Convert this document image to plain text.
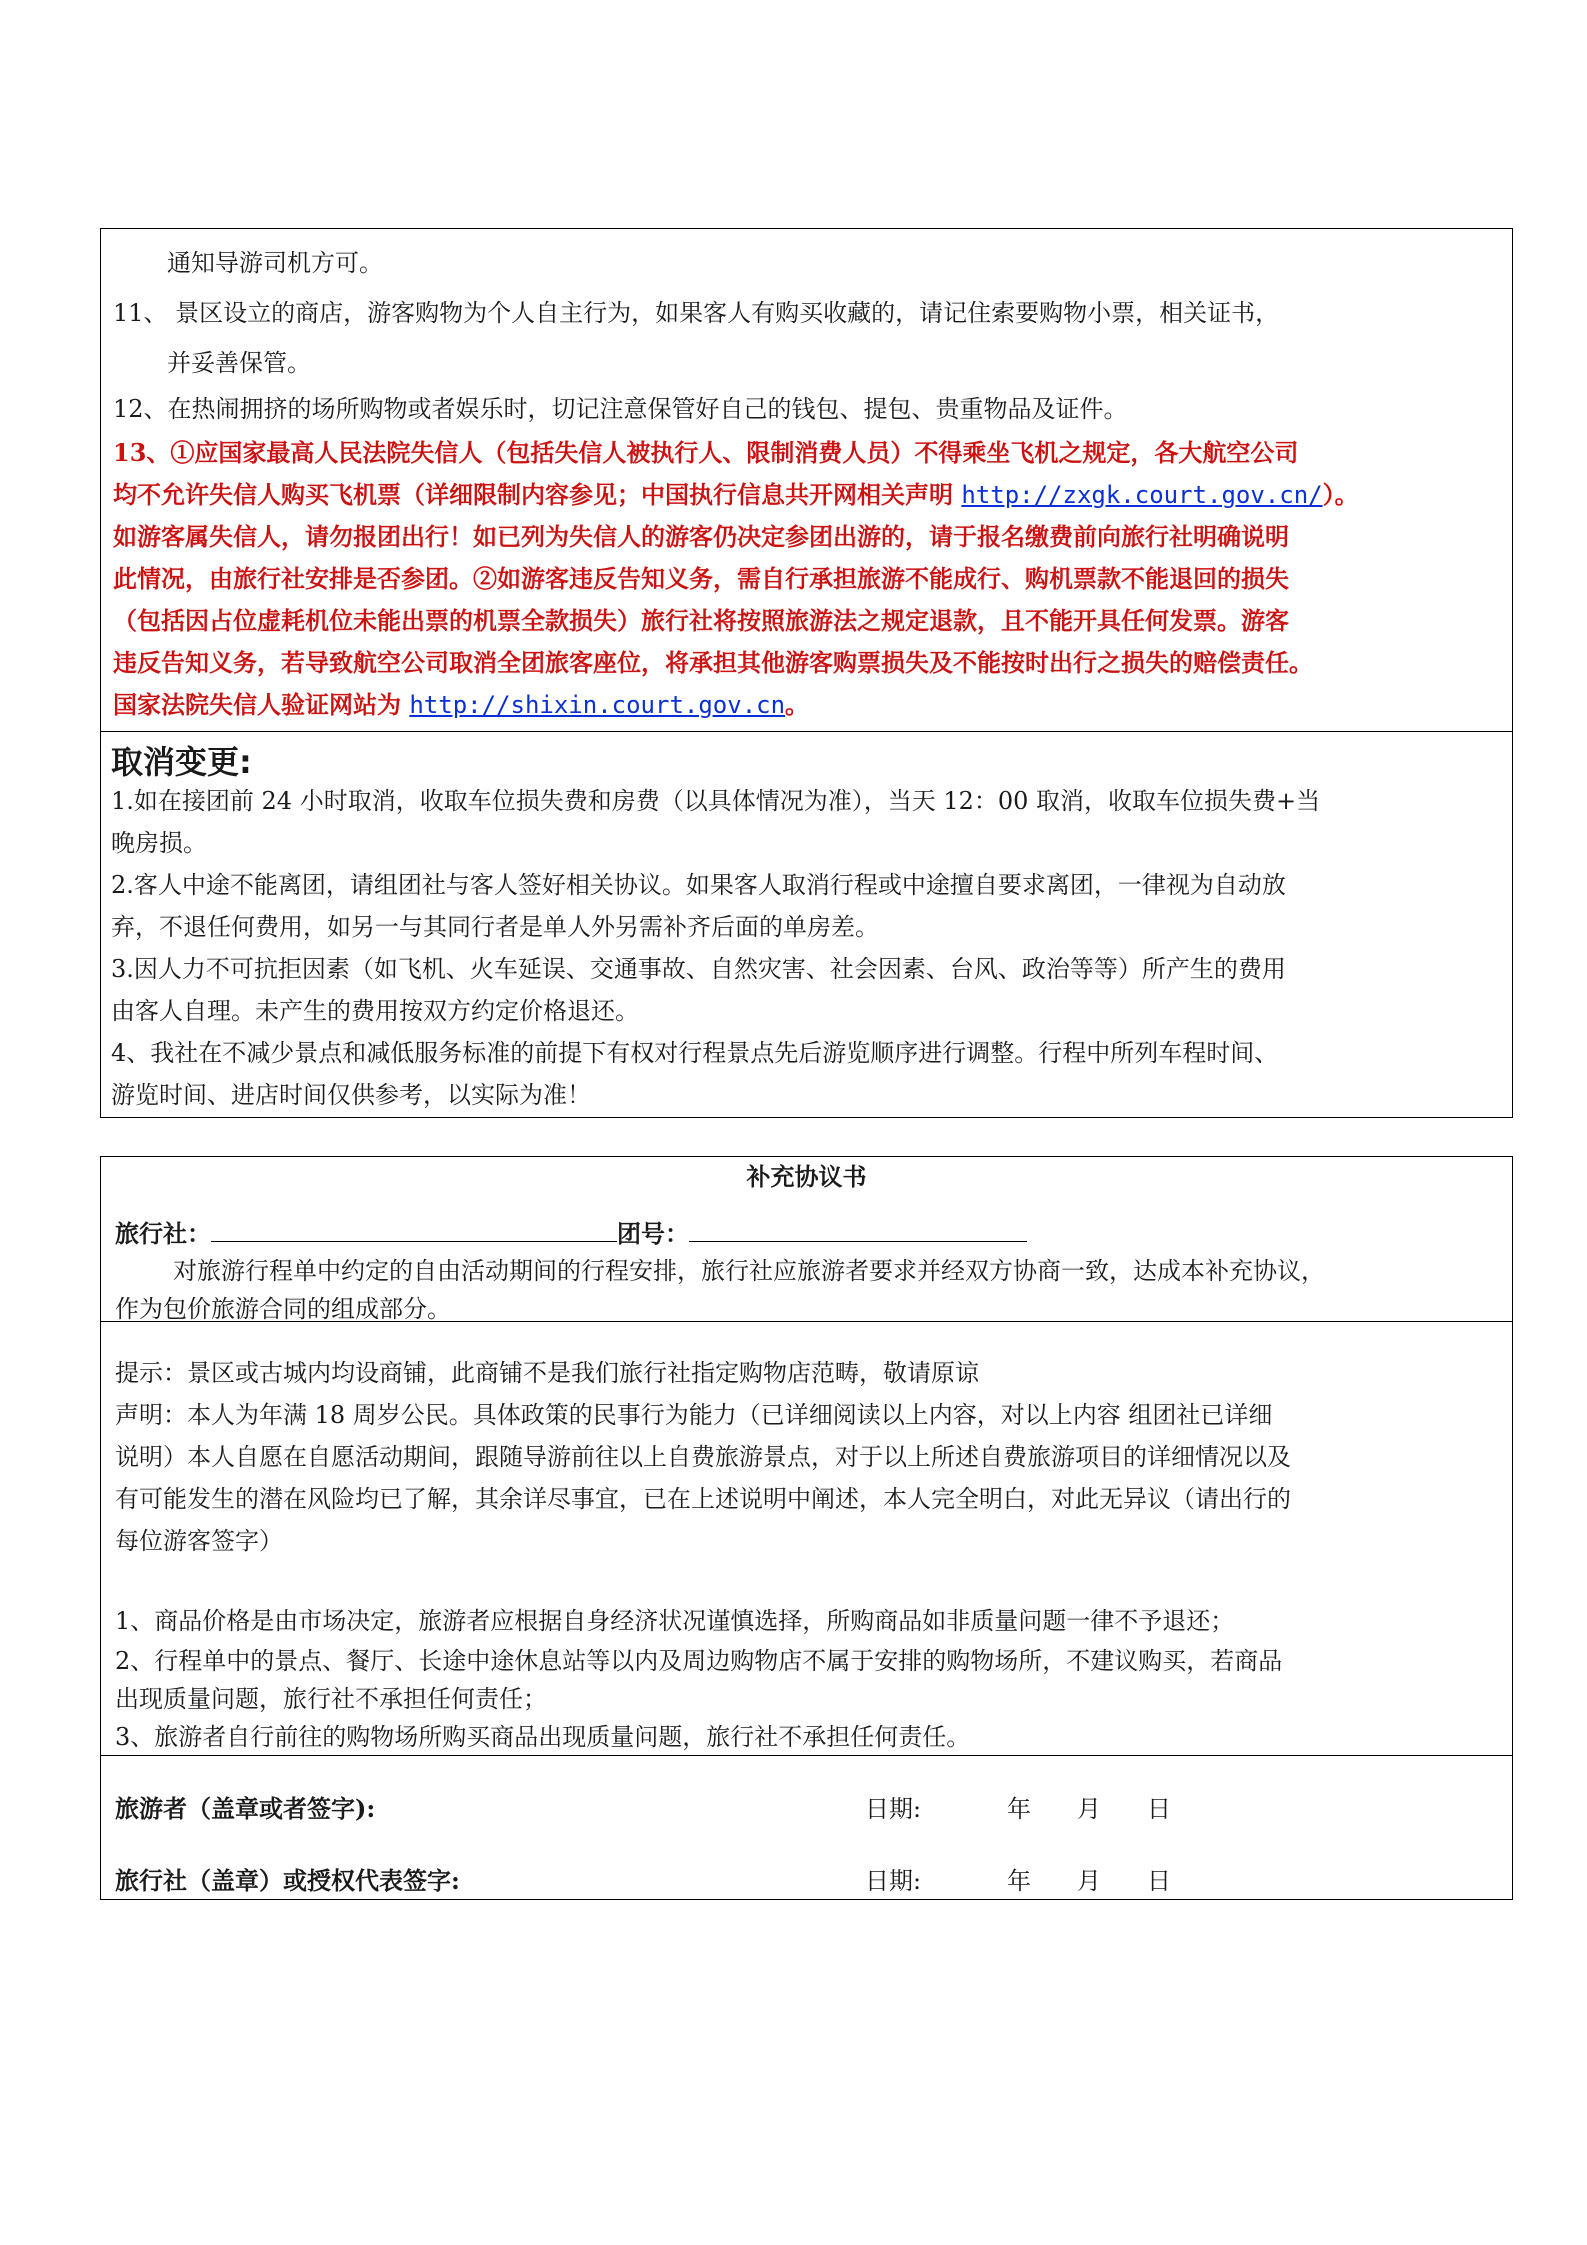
通知导游司机方可。
11、 景区设立的商店，游客购物为个人自主行为，如果客人有购买收藏的，请记住索要购物小票，相关证书，
并妥善保管。
12、在热闹拥挤的场所购物或者娱乐时，切记注意保管好自己的钱包、提包、贵重物品及证件。
13、①应国家最高人民法院失信人（包括失信人被执行人、限制消费人员）不得乘坐飞机之规定，各大航空公司
均不允许失信人购买飞机票（详细限制内容参见；中国执行信息共开网相关声明 http://zxgk.court.gov.cn/）。
如游客属失信人，请勿报团出行！如已列为失信人的游客仍决定参团出游的，请于报名缴费前向旅行社明确说明
此情况，由旅行社安排是否参团。②如游客违反告知义务，需自行承担旅游不能成行、购机票款不能退回的损失
（包括因占位虚耗机位未能出票的机票全款损失）旅行社将按照旅游法之规定退款，且不能开具任何发票。游客
违反告知义务，若导致航空公司取消全团旅客座位，将承担其他游客购票损失及不能按时出行之损失的赔偿责任。
国家法院失信人验证网站为 http://shixin.court.gov.cn。
取消变更:
1.如在接团前 24 小时取消，收取车位损失费和房费（以具体情况为准），当天 12：00 取消，收取车位损失费+当
晚房损。
2.客人中途不能离团，请组团社与客人签好相关协议。如果客人取消行程或中途擅自要求离团，一律视为自动放
弃，不退任何费用，如另一与其同行者是单人外另需补齐后面的单房差。
3.因人力不可抗拒因素（如飞机、火车延误、交通事故、自然灾害、社会因素、台风、政治等等）所产生的费用
由客人自理。未产生的费用按双方约定价格退还。
4、我社在不减少景点和减低服务标准的前提下有权对行程景点先后游览顺序进行调整。行程中所列车程时间、
游览时间、进店时间仅供参考，以实际为准！
补充协议书
旅行社：	团号：
对旅游行程单中约定的自由活动期间的行程安排，旅行社应旅游者要求并经双方协商一致，达成本补充协议，
作为包价旅游合同的组成部分。
提示：景区或古城内均设商铺，此商铺不是我们旅行社指定购物店范畴，敬请原谅
声明：本人为年满 18 周岁公民。具体政策的民事行为能力（已详细阅读以上内容，对以上内容 组团社已详细
说明）本人自愿在自愿活动期间，跟随导游前往以上自费旅游景点，对于以上所述自费旅游项目的详细情况以及
有可能发生的潜在风险均已了解，其余详尽事宜，已在上述说明中阐述，本人完全明白，对此无异议（请出行的
每位游客签字）
1、商品价格是由市场决定，旅游者应根据自身经济状况谨慎选择，所购商品如非质量问题一律不予退还；
2、行程单中的景点、餐厅、长途中途休息站等以内及周边购物店不属于安排的购物场所，不建议购买，若商品
出现质量问题，旅行社不承担任何责任；
3、旅游者自行前往的购物场所购买商品出现质量问题，旅行社不承担任何责任。
旅游者（盖章或者签字):	日期:	年 月 日
旅行社（盖章）或授权代表签字:	日期:	年 月 日
